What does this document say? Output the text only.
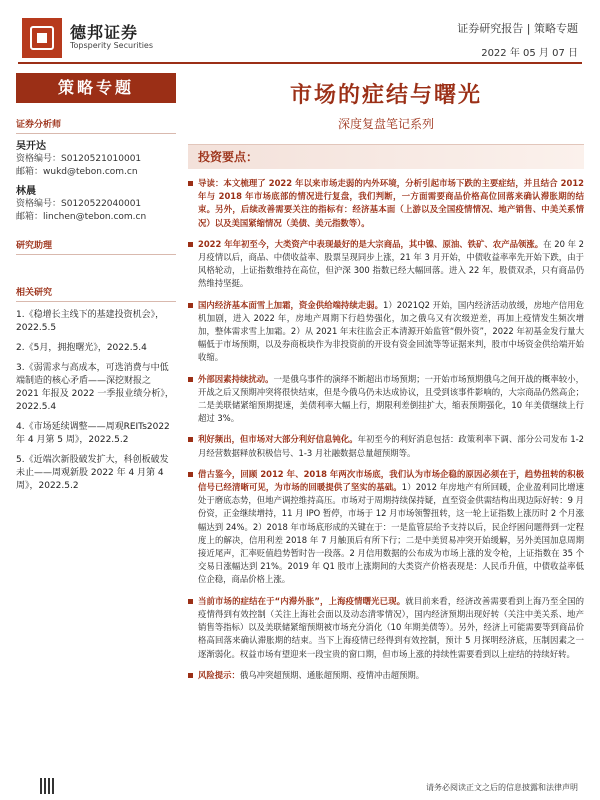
德邦证券
Topsperity Securities
证券研究报告 | 策略专题
2022 年 05 月 07 日
策略专题
证券分析师
吴开达
资格编号：S0120521010001
邮箱：wukd@tebon.com.cn
林晨
资格编号：S0120522040001
邮箱：linchen@tebon.com.cn
研究助理
相关研究
1.《稳增长主线下的基建投资机会》，2022.5.5
2.《5月，拥抱曙光》，2022.5.4
3.《弱需求与高成本，可选消费与中低端制造的核心矛盾——深挖财报之 2021 年报及 2022 一季报业绩分析》，2022.5.4
4.《市场延续调整——周观REITs2022 年 4 月第 5 周》，2022.5.2
5.《近端次新股破发扩大，科创板破发未止——周观新股 2022 年 4 月第 4 周》，2022.5.2
市场的症结与曙光
深度复盘笔记系列
投资要点：
导读：本文梳理了 2022 年以来市场⾛弱的内外环境，分析引起市场下跌的主要症结，并且结合 2012 年与 2018 年市场底部的情况进行复盘，我们判断，一方面需要商品价格高位回落来确认滞胀期的结束。另外，后续改善需要关注的指标有：经济基本面（上游以及全国疫情情况、地产销售、中美关系情况）以及美国紧缩情况（美债、美元指数等）。
2022 年年初至今，大类资产中表现最好的是大宗商品，其中镍、原油、铁矿、农产品领涨。在 20 年 2 月疫情以后，商品、中债收益率、股票呈现同步上涨，21 年 3 月开始，中债收益率率先开始下跌，由于风格轮动，上证指数维持在高位，但沪深 300 指数已经大幅回落。进入 22 年，股债双杀，只有商品仍然维持坚挺。
国内经济基本面雪上加霜，资金供给端持续走弱。1）2021Q2 开始，国内经济活动放缓，房地产信用危机加剧，进入 2022 年，房地产周期下行趋势强化，加之俄乌又有次级逆差，再加上疫情发生频次增加，整体需求雪上加霜。2）从 2021 年末往监会正本清源开始监管“假外资”，2022 年初基金发行量大幅低于市场预期，以及券商板块作为非投资前的开设有资金回流等等证据来判，股市中场资金供给端开始收缩。
外部因素持续扰动。一是俄乌事件的演绎不断超出市场预期；一开始市场预期俄乌之间开战的概率较小，开战之后又预期冲突将很快结束，但是今俄乌仍未达成协议，且受到该事件影响的，大宗商品仍然高企；二是美联储紧缩预期提速，美债利率大幅上行，期限利差倒挂扩大，缩表预期强化，10 年美债继续上行超过 3%。
利好频出，但市场对大部分利好信息钝化。年初至今的利好消息包括：政策利率下调、部分公司发布 1-2 月经营数据释放积极信号、1-3 月社融数据总量超预期等。
借古鉴今，回顾 2012 年、2018 年两次市场底，我们认为市场企稳的原因必须在于，趋势扭转的积极信号已经清晰可见，为市场的回暖提供了坚实的基础。1）2012 年房地产有所回暖，企业盈利同比增速处于磨底态势，但地产调控维持高压。市场对于周期持续保持疑，直至资金供需结构出现边际好转：9 月份资，正金继续增持，11 月 IPO 暂停，市场于 12 月市场领警扭转，这一轮上证指数上涨历时 2 个月涨幅达到 24%。2）2018 年市场底形成的关键在于：一是监管层给予支持以后，民企纾困问题得到一定程度上的解决，信用利差 2018 年 7 月触顶后有所下行；二是中美贸易冲突开始缓解，另外美国加息周期接近尾声，汇率贬值趋势暂时告一段落。2 月信用数据的公布成为市场上涨的发令枪，上证指数在 35 个交易日涨幅达到 21%。2019 年 Q1 股市上涨期间的大类资产价格表现是：人民币升值，中债收益率低位企稳，商品价格上涨。
当前市场的症结在于“内滞外胀”，上海疫情曙光已现。就目前来看，经济改善需要看到上海乃至全国的疫情得到有效控制（关注上海社会面以及动态清零情况），国内经济预期出现好转（关注中美关系、地产销售等指标）以及美联储紧缩预期被市场充分消化（10 年期美债等）。另外，经济上可能需要等到商品价格高回落来确认滞胀期的结束。当下上海疫情已经得到有效控制，预计 5 月探明经济底，压制因素之一逐渐弱化。权益市场有望迎来一段宝贵的窗口期，但市场上涨的持续性需要看到以上症结的持续好转。
风险提示：俄乌冲突超预期、通胀超预期、疫情冲击超预期。
请务必阅读正文之后的信息披露和法律声明
